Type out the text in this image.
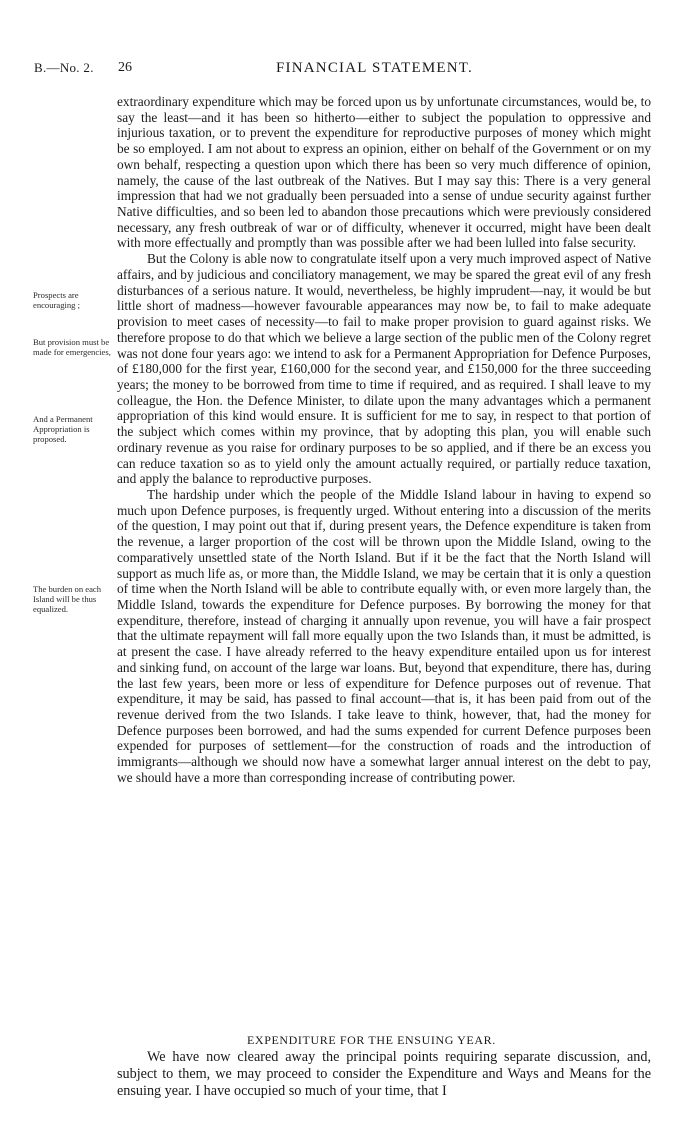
B.—No. 2. 26	FINANCIAL STATEMENT.
Prospects are encouraging ;
But provision must be made for emergencies,
And a Permanent Appropriation is proposed.
The burden on each Island will be thus equalized.

extraordinary expenditure which may be forced upon us by unfortunate circumstances, would be, to say the least—and it has been so hitherto—either to subject the population to oppressive and injurious taxation, or to prevent the expenditure for reproductive purposes of money which might be so employed. I am not about to express an opinion, either on behalf of the Government or on my own behalf, respecting a question upon which there has been so very much difference of opinion, namely, the cause of the last outbreak of the Natives. But I may say this: There is a very general impression that had we not gradually been persuaded into a sense of undue security against further Native difficulties, and so been led to abandon those precautions which were previously considered necessary, any fresh outbreak of war or of difficulty, whenever it occurred, might have been dealt with more effectually and promptly than was possible after we had been lulled into false security.

But the Colony is able now to congratulate itself upon a very much improved aspect of Native affairs, and by judicious and conciliatory management, we may be spared the great evil of any fresh disturbances of a serious nature. It would, nevertheless, be highly imprudent—nay, it would be but little short of madness—however favourable appearances may now be, to fail to make adequate provision to meet cases of necessity—to fail to make proper provision to guard against risks. We therefore propose to do that which we believe a large section of the public men of the Colony regret was not done four years ago: we intend to ask for a Permanent Appropriation for Defence Purposes, of £180,000 for the first year, £160,000 for the second year, and £150,000 for the three succeeding years; the money to be borrowed from time to time if required, and as required. I shall leave to my colleague, the Hon. the Defence Minister, to dilate upon the many advantages which a permanent appropriation of this kind would ensure. It is sufficient for me to say, in respect to that portion of the subject which comes within my province, that by adopting this plan, you will enable such ordinary revenue as you raise for ordinary purposes to be so applied, and if there be an excess you can reduce taxation so as to yield only the amount actually required, or partially reduce taxation, and apply the balance to reproductive purposes.

The hardship under which the people of the Middle Island labour in having to expend so much upon Defence purposes, is frequently urged. Without entering into a discussion of the merits of the question, I may point out that if, during present years, the Defence expenditure is taken from the revenue, a larger proportion of the cost will be thrown upon the Middle Island, owing to the comparatively unsettled state of the North Island. But if it be the fact that the North Island will support as much life as, or more than, the Middle Island, we may be certain that it is only a question of time when the North Island will be able to contribute equally with, or even more largely than, the Middle Island, towards the expenditure for Defence purposes. By borrowing the money for that expenditure, therefore, instead of charging it annually upon revenue, you will have a fair prospect that the ultimate repayment will fall more equally upon the two Islands than, it must be admitted, is at present the case. I have already referred to the heavy expenditure entailed upon us for interest and sinking fund, on account of the large war loans. But, beyond that expenditure, there has, during the last few years, been more or less of expenditure for Defence purposes out of revenue. That expenditure, it may be said, has passed to final account—that is, it has been paid from out of the revenue derived from the two Islands. I take leave to think, however, that, had the money for Defence purposes been borrowed, and had the sums expended for current Defence purposes been expended for purposes of settlement—for the construction of roads and the introduction of immigrants—although we should now have a somewhat larger annual interest on the debt to pay, we should have a more than corresponding increase of contributing power.

EXPENDITURE FOR THE ENSUING YEAR.

We have now cleared away the principal points requiring separate discussion, and, subject to them, we may proceed to consider the Expenditure and Ways and Means for the ensuing year. I have occupied so much of your time, that I
